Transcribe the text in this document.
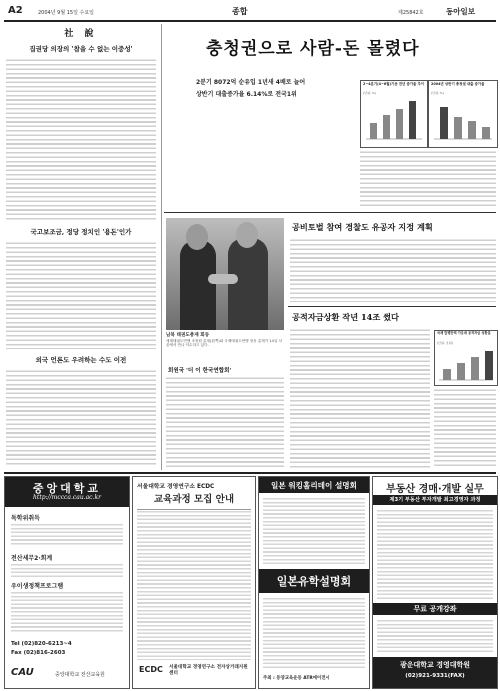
A2	2004년 9월 15일 수요일	종합	제25842호	동아일보
社 說
집권당 의장의 '참을 수 없는 이중성'
국고보조금, 정당 정치인 '용돈'인가
외국 언론도 우려하는 수도 이전
충청권으로 사람-돈 몰렸다
2분기 8072억 순유입 1년새 4배로 늘어
상반기 대출증가율 6.14%로 전국1위
2~4분기(4~6월)기준 전년 증가율 추이
(단위: %)
2004년 상반기 충청권 대출 증가율
(단위: %)
남북 태권도총재 회동
세계태권도연맹 조정원 총재(왼쪽)와 국제태권도연맹 장웅 총재가 14일 서울에서 만나 악수하고 있다.
공비토벌 참여 경찰도 유공자 지정 계획
공적자금상환 작년 14조 썼다
국채 발행잔액 가운데 공적자금 상환분
(단위: 조원)
회원국 '더 이 한국연합회'
중앙대학교
http://mccca.cau.ac.kr
독학위취득
전산세무2·회계
우이생정책프로그램
Tel (02)820-6213~4
Fax (02)816-2603
CAU	중앙대학교 전산교육원
서울대학교 경영연구소 ECDC
교육과정 모집 안내
ECDC 서울대학교 경영연구소 전자상거래지원센터
일본 워킹홀리데이 설명회
일본유학설명회
주최 : 동양교육운동 ATR에이전시
부동산 경매·개발 실무
제3기 부동산 투자개발 최고경영자 과정
무료 공개강좌
광운대학교 경영대학원
(02)921-9331(FAX)
